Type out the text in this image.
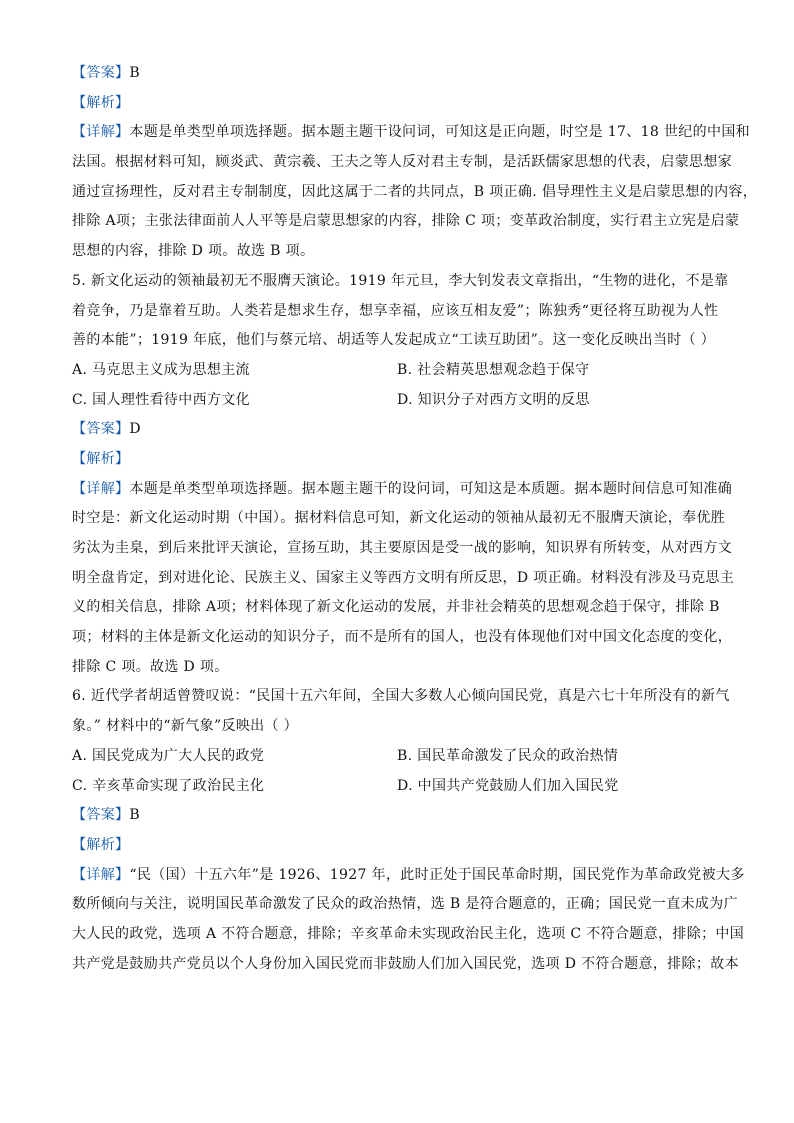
【答案】B
【解析】
【详解】本题是单类型单项选择题。据本题主题干设问词，可知这是正向题，时空是 17、18 世纪的中国和
法国。根据材料可知，顾炎武、黄宗羲、王夫之等人反对君主专制，是活跃儒家思想的代表，启蒙思想家
通过宣扬理性，反对君主专制制度，因此这属于二者的共同点，B 项正确. 倡导理性主义是启蒙思想的内容，
排除 A项；主张法律面前人人平等是启蒙思想家的内容，排除 C 项；变革政治制度，实行君主立宪是启蒙
思想的内容，排除 D 项。故选 B 项。
5. 新文化运动的领袖最初无不服膺天演论。1919 年元旦，李大钊发表文章指出，“生物的进化，不是靠
着竞争，乃是靠着互助。人类若是想求生存，想享幸福，应该互相友爱”；陈独秀“更径将互助视为人性
善的本能”；1919 年底，他们与蔡元培、胡适等人发起成立“工读互助团”。这一变化反映出当时（ ）
A. 马克思主义成为思想主流	B. 社会精英思想观念趋于保守
C. 国人理性看待中西方文化	D. 知识分子对西方文明的反思
【答案】D
【解析】
【详解】本题是单类型单项选择题。据本题主题干的设问词，可知这是本质题。据本题时间信息可知准确
时空是：新文化运动时期（中国）。据材料信息可知，新文化运动的领袖从最初无不服膺天演论，奉优胜
劣汰为圭臬，到后来批评天演论，宣扬互助，其主要原因是受一战的影响，知识界有所转变，从对西方文
明全盘肯定，到对进化论、民族主义、国家主义等西方文明有所反思，D 项正确。材料没有涉及马克思主
义的相关信息，排除 A项；材料体现了新文化运动的发展，并非社会精英的思想观念趋于保守，排除 B
项；材料的主体是新文化运动的知识分子，而不是所有的国人，也没有体现他们对中国文化态度的变化，
排除 C 项。故选 D 项。
6. 近代学者胡适曾赞叹说：“民国十五六年间，全国大多数人心倾向国民党，真是六七十年所没有的新气
象。” 材料中的“新气象”反映出（ ）
A. 国民党成为广大人民的政党	B. 国民革命激发了民众的政治热情
C. 辛亥革命实现了政治民主化	D. 中国共产党鼓励人们加入国民党
【答案】B
【解析】
【详解】“民（国）十五六年”是 1926、1927 年，此时正处于国民革命时期，国民党作为革命政党被大多
数所倾向与关注，说明国民革命激发了民众的政治热情，选 B 是符合题意的，正确；国民党一直未成为广
大人民的政党，选项 A 不符合题意，排除；辛亥革命未实现政治民主化，选项 C 不符合题意，排除；中国
共产党是鼓励共产党员以个人身份加入国民党而非鼓励人们加入国民党，选项 D 不符合题意，排除；故本
